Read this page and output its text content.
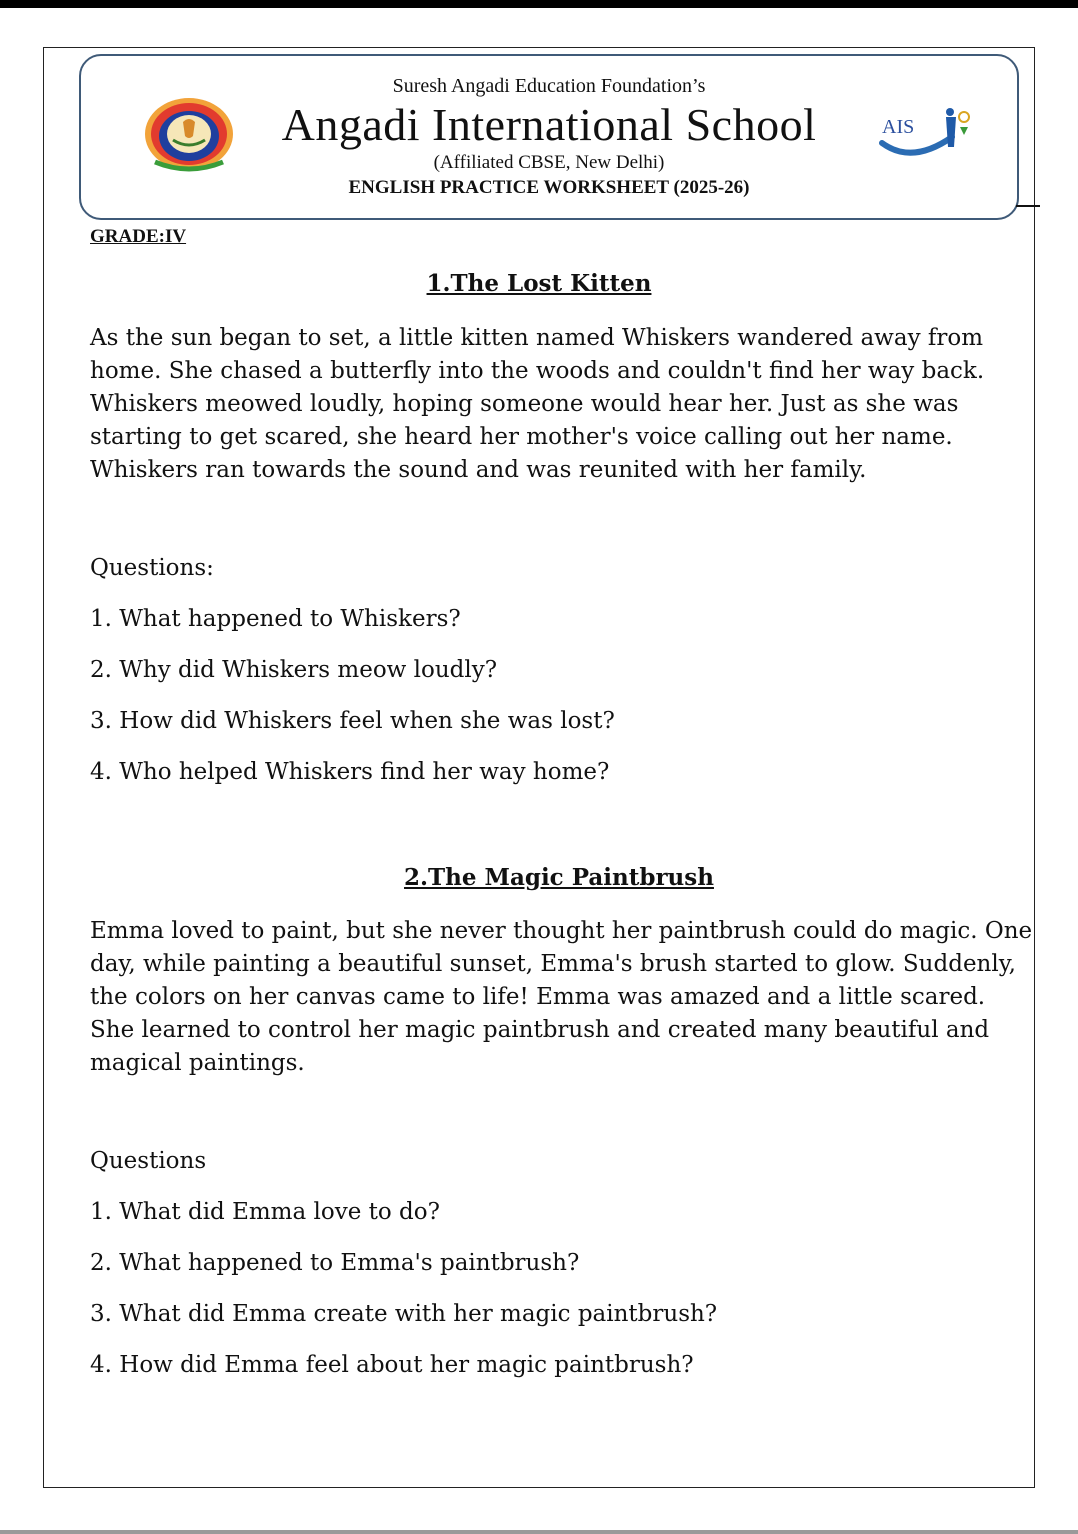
AIS
Suresh Angadi Education Foundation’s
Angadi International School
(Affiliated CBSE, New Delhi)
ENGLISH PRACTICE WORKSHEET (2025-26)
GRADE:IV
1.The Lost Kitten

As the sun began to set, a little kitten named Whiskers wandered away from home. She chased a butterfly into the woods and couldn't find her way back. Whiskers meowed loudly, hoping someone would hear her. Just as she was starting to get scared, she heard her mother's voice calling out her name. Whiskers ran towards the sound and was reunited with her family.

Questions:

1. What happened to Whiskers?

2. Why did Whiskers meow loudly?

3. How did Whiskers feel when she was lost?

4. Who helped Whiskers find her way home?

2.The Magic Paintbrush

Emma loved to paint, but she never thought her paintbrush could do magic. One day, while painting a beautiful sunset, Emma's brush started to glow. Suddenly, the colors on her canvas came to life! Emma was amazed and a little scared. She learned to control her magic paintbrush and created many beautiful and magical paintings.

Questions

1. What did Emma love to do?

2. What happened to Emma's paintbrush?

3. What did Emma create with her magic paintbrush?

4. How did Emma feel about her magic paintbrush?
